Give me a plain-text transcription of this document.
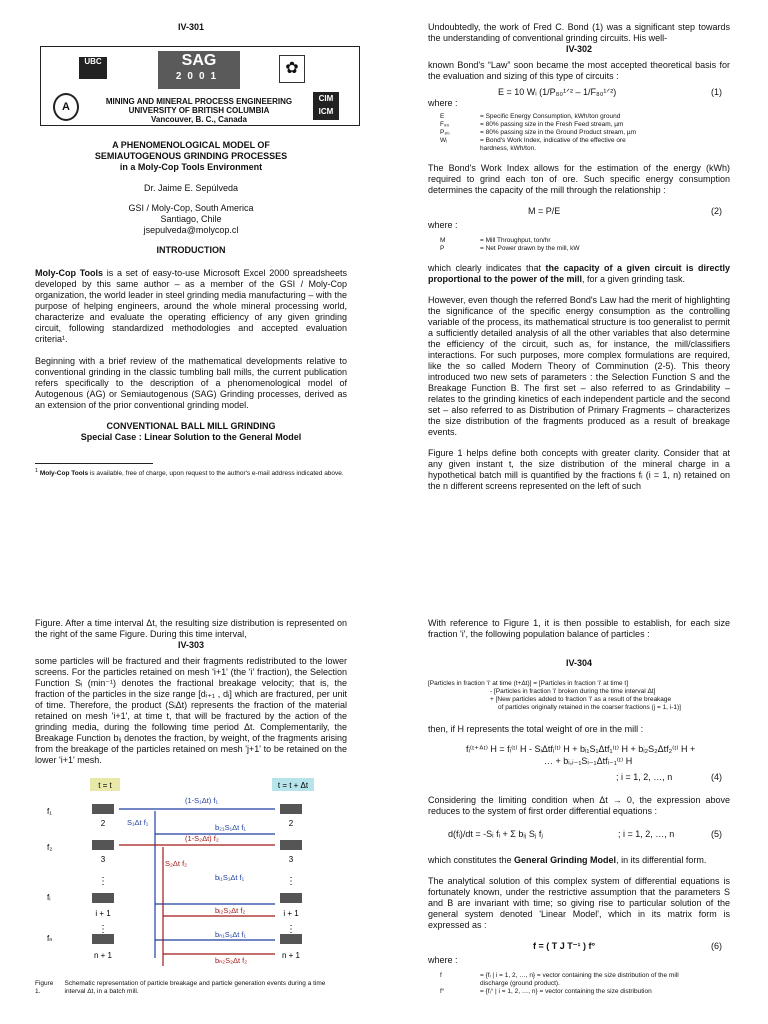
IV-301
UBC	SAG
2001	✿
A	MINING AND MINERAL PROCESS ENGINEERING
UNIVERSITY OF BRITISH COLUMBIA
Vancouver, B. C., Canada
CIM
ICM

A PHENOMENOLOGICAL MODEL OF
SEMIAUTOGENOUS GRINDING PROCESSES
in a Moly-Cop Tools Environment

Dr. Jaime E. Sepúlveda

GSI / Moly-Cop, South America
Santiago, Chile
jsepulveda@molycop.cl

INTRODUCTION

Moly-Cop Tools is a set of easy-to-use Microsoft Excel 2000 spreadsheets developed by this same author – as a member of the GSI / Moly-Cop organization, the world leader in steel grinding media manufacturing – with the purpose of helping engineers, around the whole mineral processing world, characterize and evaluate the operating efficiency of any given grinding circuit, following standardized methodologies and accepted evaluation criteria¹.

Beginning with a brief review of the mathematical developments relative to conventional grinding in the classic tumbling ball mills, the current publication refers specifically to the description of a phenomenological model of Autogenous (AG) or Semiautogenous (SAG) Grinding processes, derived as an extension of the prior conventional grinding model.

CONVENTIONAL BALL MILL GRINDING
Special Case : Linear Solution to the General Model

$^1$ Moly-Cop Tools is available, free of charge, upon request to the author's e-mail address indicated above.

Undoubtedly, the work of Fred C. Bond (1) was a significant step towards the understanding of conventional grinding circuits. His well-

IV-302

known Bond's “Law” soon became the most accepted theoretical basis for the evaluation and sizing of this type of circuits :

E = 10 Wᵢ (1/P₈₀¹ᐟ² – 1/F₈₀¹ᐟ²)	(1)

where :

E	= Specific Energy Consumption, kWh/ton ground
F₈₀	= 80% passing size in the Fresh Feed stream, µm
P₈₀	= 80% passing size in the Ground Product stream, µm
Wᵢ	= Bond's Work Index, indicative of the effective ore hardness, kWh/ton.

The Bond's Work Index allows for the estimation of the energy (kWh) required to grind each ton of ore. Such specific energy consumption determines the capacity of the mill through the relationship :

M = P/E	(2)

where :

M	= Mill Throughput, ton/hr
P	= Net Power drawn by the mill, kW

which clearly indicates that the capacity of a given circuit is directly proportional to the power of the mill, for a given grinding task.

However, even though the referred Bond's Law had the merit of highlighting the significance of the specific energy consumption as the controlling variable of the process, its mathematical structure is too generalist to permit a sufficiently detailed analysis of all the other variables that also determine the efficiency of the circuit, such as, for instance, the mill/classifiers interactions. For such purposes, more complex formulations are required, like the so called Modern Theory of Comminution (2-5). This theory introduced two new sets of parameters : the Selection Function S and the Breakage Function B. The first set – also referred to as Grindability – relates to the grinding kinetics of each independent particle and the second set – also referred to as Distribution of Primary Fragments – characterizes the size distribution of the fragments produced as a result of breakage events.

Figure 1 helps define both concepts with greater clarity. Consider that at any given instant t, the size distribution of the mineral charge in a hypothetical batch mill is quantified by the fractions fᵢ (i = 1, n) retained on the n different screens represented on the left of such

Figure. After a time interval Δt, the resulting size distribution is represented on the right of the same Figure. During this time interval,

IV-303

some particles will be fractured and their fragments redistributed to the lower screens. For the particles retained on mesh 'i+1' (the 'i' fraction), the Selection Function Sᵢ (min⁻¹) denotes the fractional breakage velocity; that is, the fraction of the particles in the size range [dᵢ₊₁ , dᵢ] which are fractured, per unit of time. Therefore, the product (SᵢΔt) represents the fraction of the material retained on mesh 'i+1', at time t, that will be fractured by the action of the grinding media, during the following time period Δt. Complementarily, the Breakage Function bᵢⱼ denotes the fraction, by weight, of the fragments arising from the breakage of the particles retained on mesh 'j+1' to be retained on the lower 'i+1' mesh.

t = t	t = t + Δt
f₁
f₂
fᵢ
fₙ
2
3
i + 1
n + 1
⋮
⋮
2
3
i + 1
n + 1
⋮
⋮
(1-S₁Δt) f₁
S₁Δt f₁
b₂₁S₁Δt f₁
(1-S₂Δt) f₂
S₂Δt f₂
bᵢ₁S₁Δt f₁
bᵢ₂S₂Δt f₂
bₙ₁S₁Δt f₁
bₙ₂S₂Δt f₂
Figure 1.
Schematic representation of particle breakage and particle generation events during a time interval Δt, in a batch mill.

With reference to Figure 1, it is then possible to establish, for each size fraction 'i', the following population balance of particles :

IV-304
[Particles in fraction 'i' at time (t+Δt)] = [Particles in fraction 'i' at time t]
- [Particles in fraction 'i' broken during the time interval Δt]
+ [New particles added to fraction 'i' as a result of the breakage
of particles originally retained in the coarser fractions (j = 1, i-1)]

then, if H represents the total weight of ore in the mill :

fᵢ⁽ᵗ⁺ᐞᵗ⁾ H = fᵢ⁽ᵗ⁾ H - SᵢΔtfᵢ⁽ᵗ⁾ H + bᵢ₁S₁Δtf₁⁽ᵗ⁾ H + bᵢ₂S₂Δtf₂⁽ᵗ⁾ H +
… + bᵢ,ᵢ₋₁Sᵢ₋₁Δtfᵢ₋₁⁽ᵗ⁾ H
; i = 1, 2, …, n	(4)

Considering the limiting condition when Δt → 0, the expression above reduces to the system of first order differential equations :

d(fᵢ)/dt = -Sᵢ fᵢ + Σ bᵢⱼ Sⱼ fⱼ	; i = 1, 2, …, n	(5)

which constitutes the General Grinding Model, in its differential form.

The analytical solution of this complex system of differential equations is fortunately known, under the restrictive assumption that the parameters S and B are invariant with time; so giving rise to particular solution of the general system denoted 'Linear Model', which in its matrix form is expressed as :

f = ( T J T⁻¹ ) f°	(6)

where :

f	= {fᵢ | i = 1, 2, …, n} = vector containing the size distribution of the mill discharge (ground product).
f°	= {fᵢ° | i = 1, 2, …, n} = vector containing the size distribution
